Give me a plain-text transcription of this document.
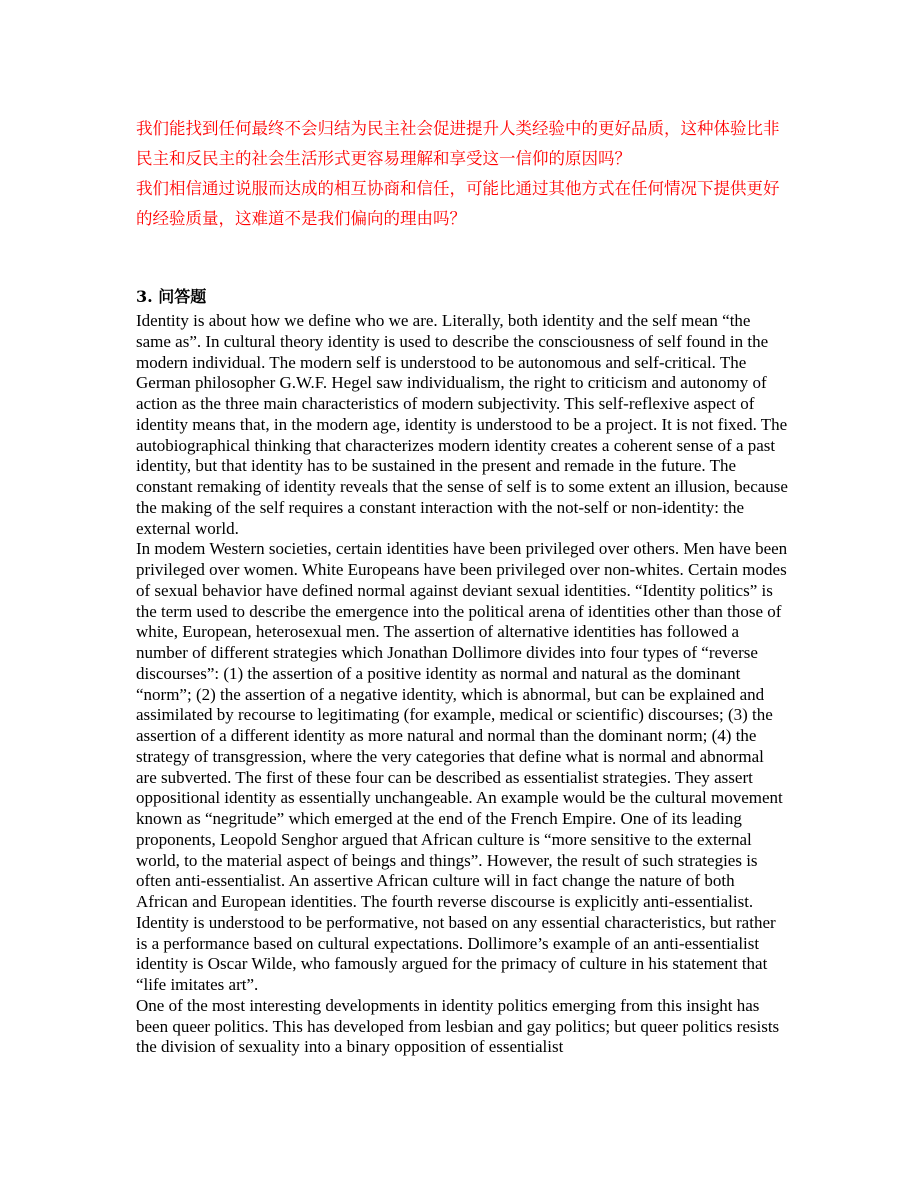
我们能找到任何最终不会归结为民主社会促进提升人类经验中的更好品质，这种体验比非民主和反民主的社会生活形式更容易理解和享受这一信仰的原因吗？

我们相信通过说服而达成的相互协商和信任，可能比通过其他方式在任何情况下提供更好的经验质量，这难道不是我们偏向的理由吗？

3. 问答题

Identity is about how we define who we are. Literally, both identity and the self mean “the same as”. In cultural theory identity is used to describe the consciousness of self found in the modern individual. The modern self is understood to be autonomous and self-critical. The German philosopher G.W.F. Hegel saw individualism, the right to criticism and autonomy of action as the three main characteristics of modern subjectivity. This self-reflexive aspect of identity means that, in the modern age, identity is understood to be a project. It is not fixed. The autobiographical thinking that characterizes modern identity creates a coherent sense of a past identity, but that identity has to be sustained in the present and remade in the future. The constant remaking of identity reveals that the sense of self is to some extent an illusion, because the making of the self requires a constant interaction with the not-self or non-identity: the external world.

In modem Western societies, certain identities have been privileged over others. Men have been privileged over women. White Europeans have been privileged over non-whites. Certain modes of sexual behavior have defined normal against deviant sexual identities. “Identity politics” is the term used to describe the emergence into the political arena of identities other than those of white, European, heterosexual men. The assertion of alternative identities has followed a number of different strategies which Jonathan Dollimore divides into four types of “reverse discourses”: (1) the assertion of a positive identity as normal and natural as the dominant “norm”; (2) the assertion of a negative identity, which is abnormal, but can be explained and assimilated by recourse to legitimating (for example, medical or scientific) discourses; (3) the assertion of a different identity as more natural and normal than the dominant norm; (4) the strategy of transgression, where the very categories that define what is normal and abnormal are subverted. The first of these four can be described as essentialist strategies. They assert oppositional identity as essentially unchangeable. An example would be the cultural movement known as “negritude” which emerged at the end of the French Empire. One of its leading proponents, Leopold Senghor argued that African culture is “more sensitive to the external world, to the material aspect of beings and things”. However, the result of such strategies is often anti-essentialist. An assertive African culture will in fact change the nature of both African and European identities. The fourth reverse discourse is explicitly anti-essentialist. Identity is understood to be performative, not based on any essential characteristics, but rather is a performance based on cultural expectations. Dollimore’s example of an anti-essentialist identity is Oscar Wilde, who famously argued for the primacy of culture in his statement that “life imitates art”.

One of the most interesting developments in identity politics emerging from this insight has been queer politics. This has developed from lesbian and gay politics; but queer politics resists the division of sexuality into a binary opposition of essentialist
